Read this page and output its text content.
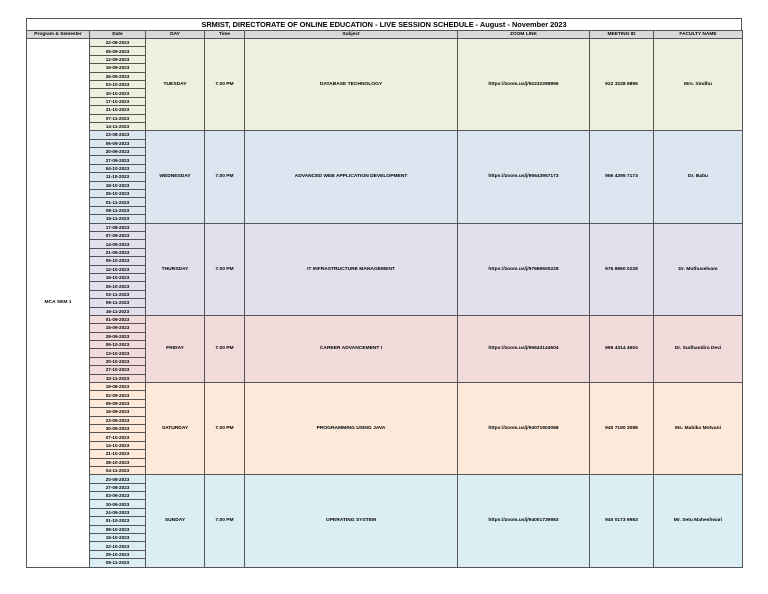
SRMIST, DIRECTORATE OF ONLINE EDUCATION - LIVE SESSION SCHEDULE - August - November 2023
Program & Semester	Date	DAY	Time	Subject	ZOOM LINK	MEETING ID	FACULTY NAME
MCA SEM 1	22-08-2023	TUESDAY	7.00 PM	DATABASE TECHNOLOGY	https://zoom.us/j/92232289896	922 3228 9896	Mrs. Sindhu
	05-09-2023						
	12-09-2023						
	19-09-2023						
	26-09-2023						
	03-10-2023						
	10-10-2023						
	17-10-2023						
	31-10-2023						
	07-11-2023						
	14-11-2023						
	23-08-2023	WEDNESDAY	7.00 PM	ADVANCED WEB APPLICATION DEVELOPMENT	https://zoom.us/j/95643957173	956 4395 7173	Dr. Babu
	06-09-2023						
	20-09-2023						
	27-09-2023						
	04-10-2023						
	11-10-2023						
	18-10-2023						
	25-10-2023						
	01-11-2023						
	08-11-2023						
	15-11-2023						
	17-08-2023	THURSDAY	7.00 PM	IT INFRASTRUCTURE MANAGEMENT	https://zoom.us/j/97689600228	976 8960 0228	Dr. Muthuselvam
	07-09-2023						
	14-09-2023						
	21-09-2023						
	05-10-2023						
	12-10-2023						
	19-10-2023						
	26-10-2023						
	02-11-2023						
	09-11-2023						
	16-11-2023						
	01-09-2023	FRIDAY	7.00 PM	CAREER ADVANCEMENT I	https://zoom.us/j/99643144604	996 4314 4604	Dr. Sudhandira Devi
	15-09-2023						
	29-09-2023						
	06-10-2023						
	13-10-2023						
	20-10-2023						
	27-10-2023						
	10-11-2023						
	19-08-2023	SATURDAY	7.00 PM	PROGRAMMING USING JAVA	https://zoom.us/j/94071903088	940 7190 3088	Ms. Mahika Motvani
	02-09-2023						
	09-09-2023						
	16-09-2023						
	23-09-2023						
	30-09-2023						
	07-10-2023						
	14-10-2023						
	21-10-2023						
	28-10-2023						
	04-11-2023						
	20-08-2023	SUNDAY	7.00 PM	OPERATING SYSTEM	https://zoom.us/j/94001739983	940 0173 9983	Mr. Setu Maheshwari
	27-08-2023						
	03-09-2023						
	10-09-2023						
	24-09-2023						
	01-10-2023						
	08-10-2023						
	15-10-2023						
	22-10-2023						
	29-10-2023						
	05-11-2023						
